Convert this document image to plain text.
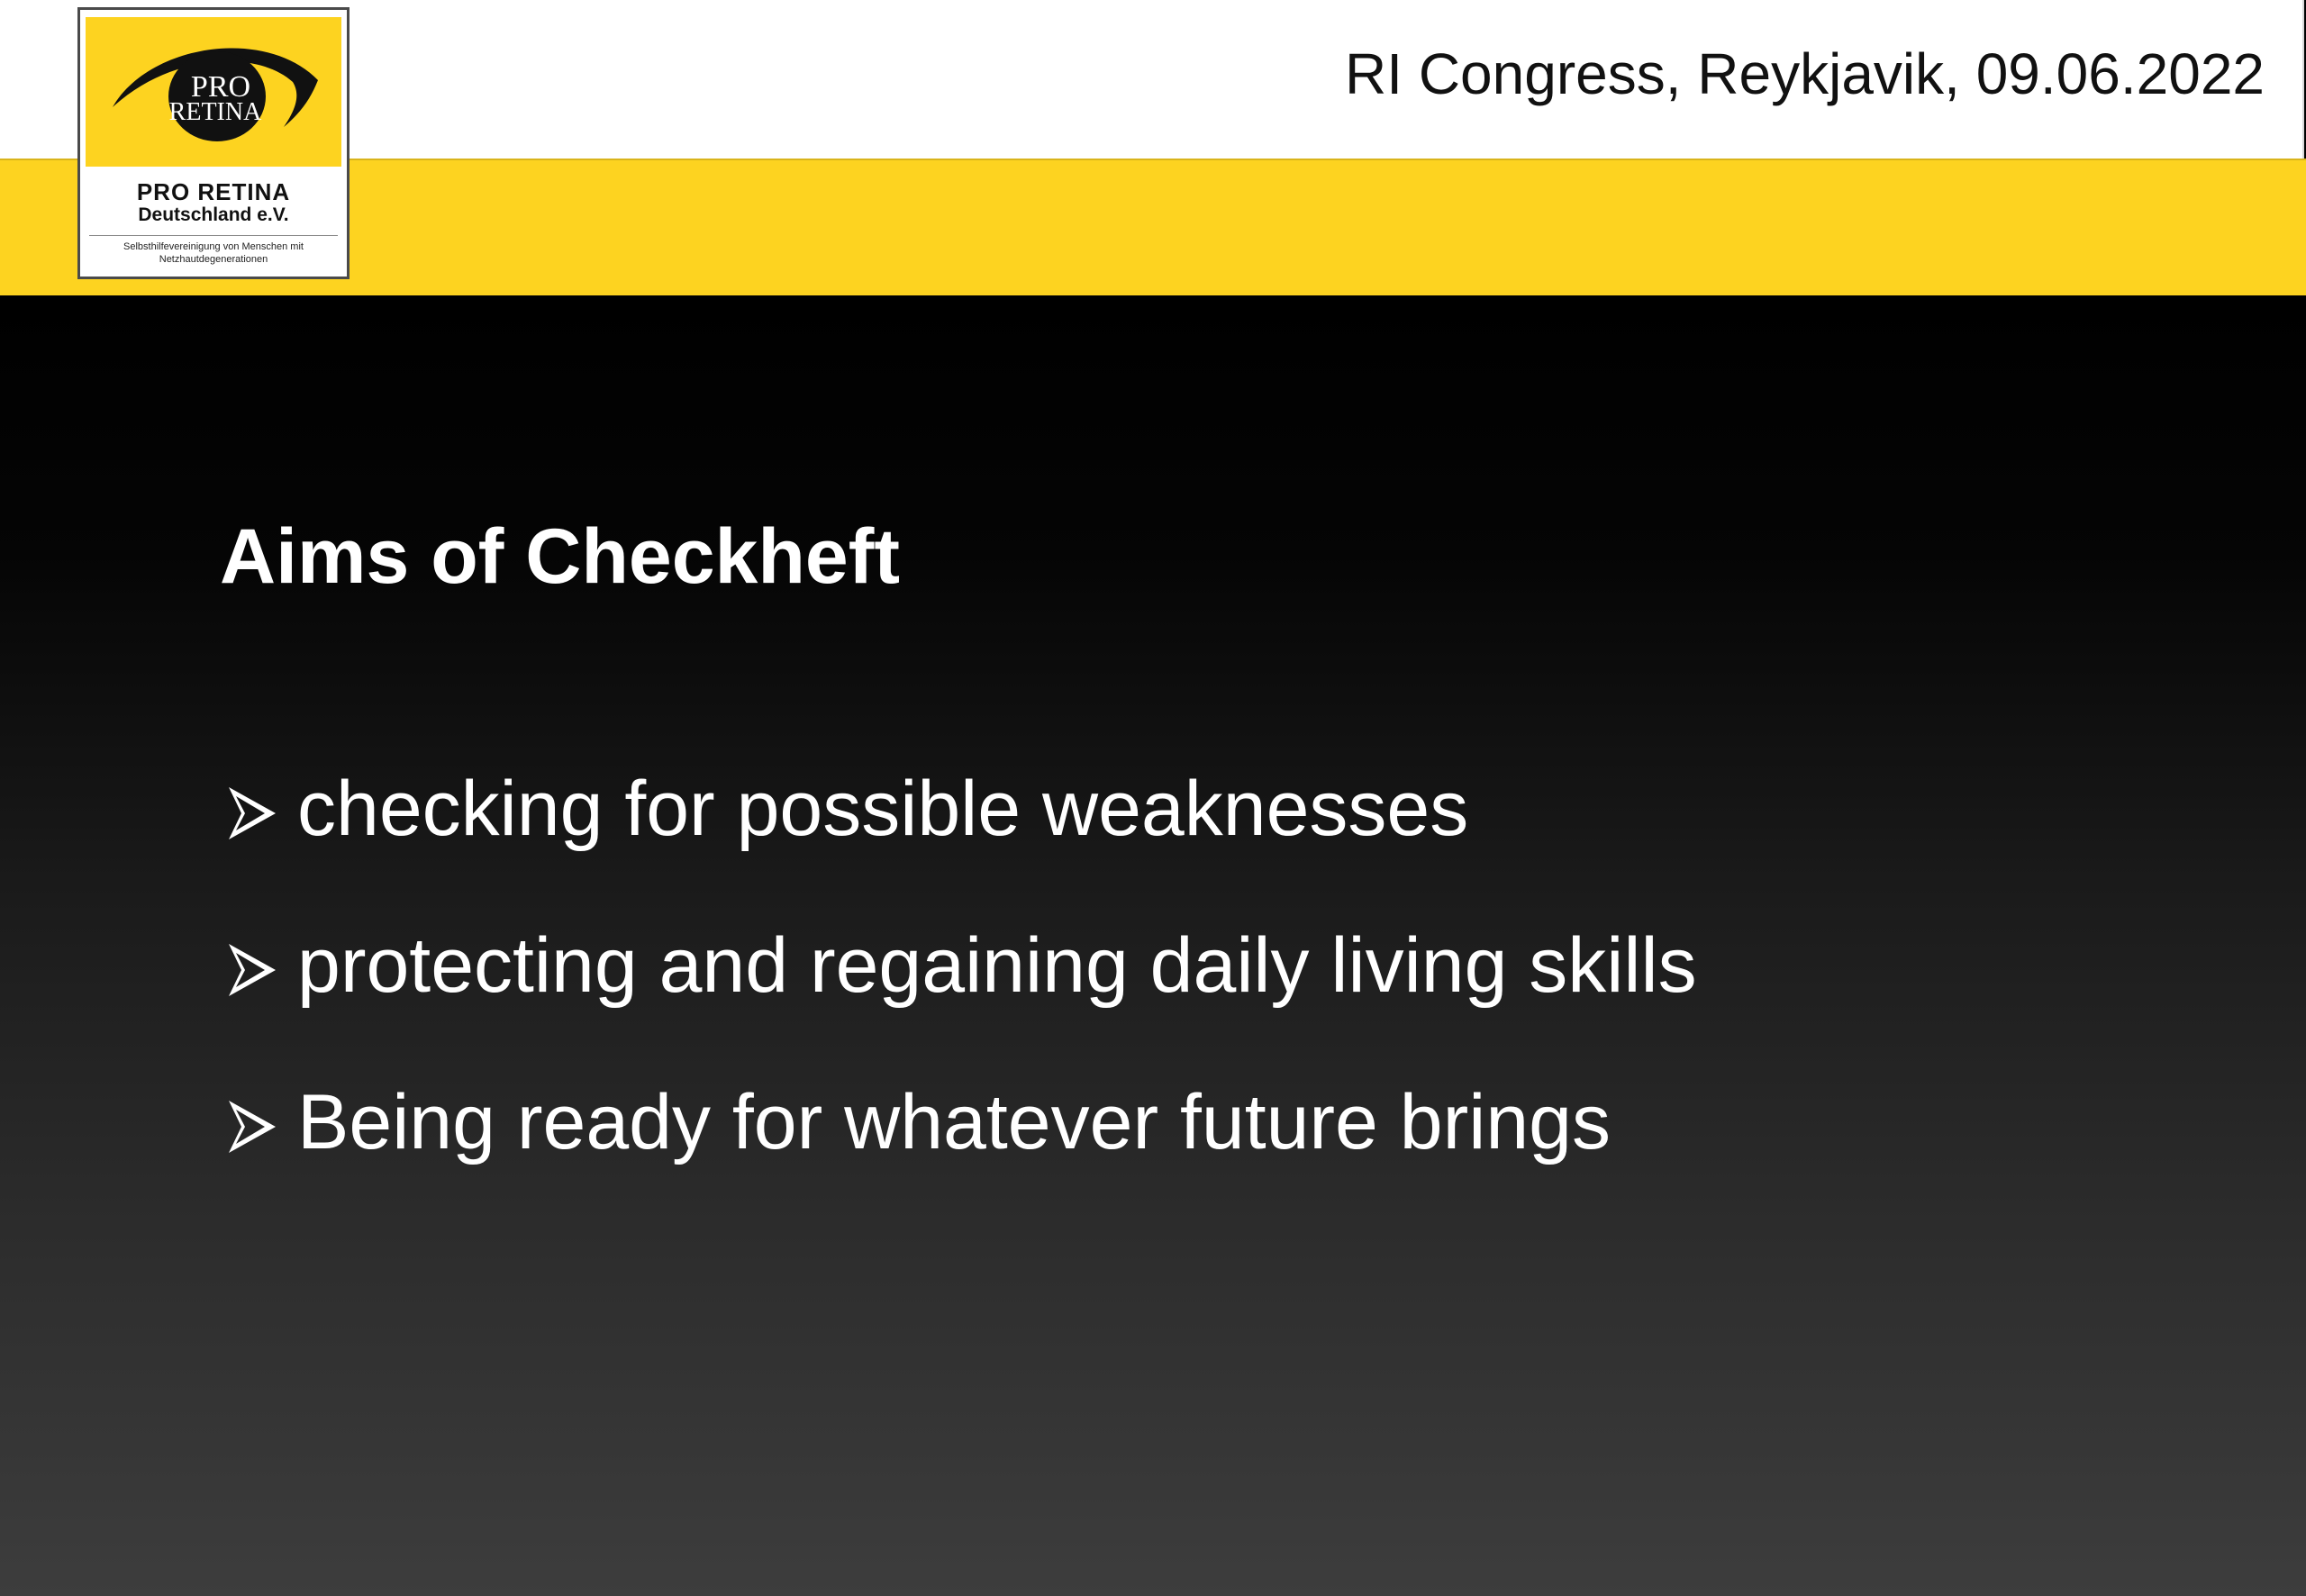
RI Congress, Reykjavik, 09.06.2022
PRO
RETINA
PRO RETINA
Deutschland e.V.
Selbsthilfevereinigung von Menschen mit Netzhautdegenerationen
Aims of Checkheft
checking for possible weaknesses
protecting and regaining daily living skills
Being ready for whatever future brings
